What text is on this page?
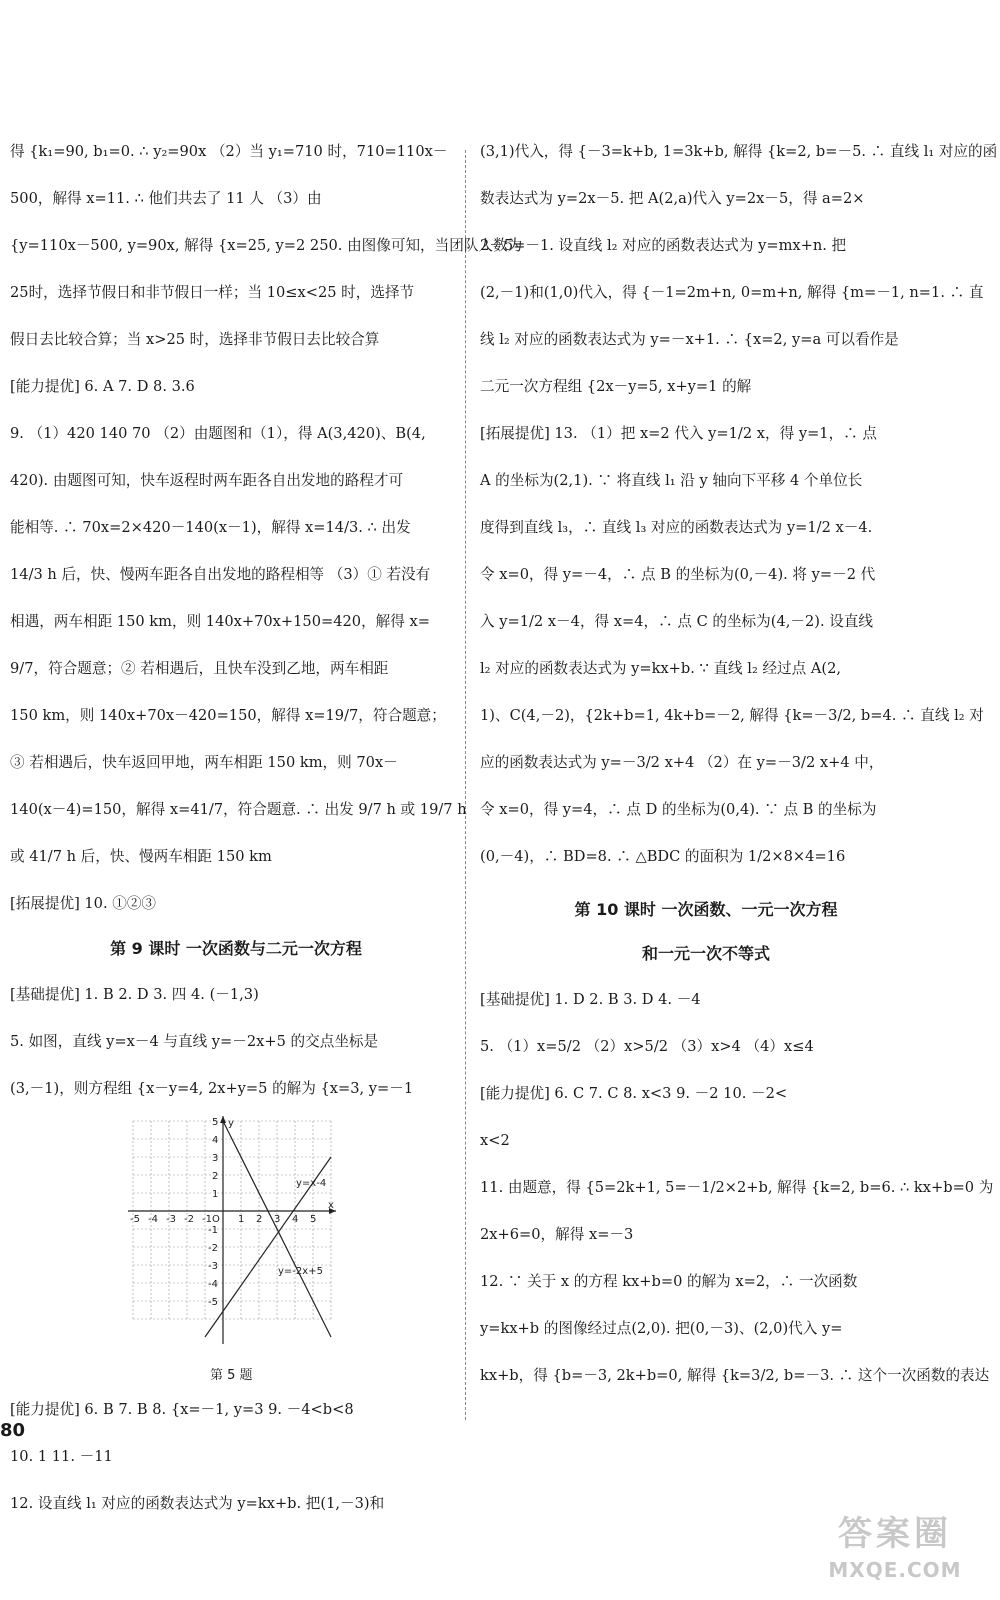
得 {k₁=90, b₁=0. ∴ y₂=90x （2）当 y₁=710 时，710=110x－
500，解得 x=11. ∴ 他们共去了 11 人 （3）由
{y=110x－500, y=90x, 解得 {x=25, y=2 250. 由图像可知，当团队人数为
25时，选择节假日和非节假日一样；当 10≤x<25 时，选择节
假日去比较合算；当 x>25 时，选择非节假日去比较合算
[能力提优] 6. A 7. D 8. 3.6
9. （1）420 140 70 （2）由题图和（1），得 A(3,420)、B(4,
420). 由题图可知，快车返程时两车距各自出发地的路程才可
能相等. ∴ 70x=2×420－140(x－1)，解得 x=14/3. ∴ 出发
14/3 h 后，快、慢两车距各自出发地的路程相等 （3）① 若没有
相遇，两车相距 150 km，则 140x+70x+150=420，解得 x=
9/7，符合题意；② 若相遇后，且快车没到乙地，两车相距
150 km，则 140x+70x－420=150，解得 x=19/7，符合题意；
③ 若相遇后，快车返回甲地，两车相距 150 km，则 70x－
140(x－4)=150，解得 x=41/7，符合题意. ∴ 出发 9/7 h 或 19/7 h
或 41/7 h 后，快、慢两车相距 150 km
[拓展提优] 10. ①②③
第 9 课时 一次函数与二元一次方程
[基础提优] 1. B 2. D 3. 四 4. (－1,3)
5. 如图，直线 y=x－4 与直线 y=－2x+5 的交点坐标是
(3,－1)，则方程组 {x－y=4, 2x+y=5 的解为 {x=3, y=－1
x
y
O
-5 -4 -3 -2 -1	1 2 3 4 5
5
4
3
2
1
-1
-2
-3
-4
-5
y=x-4
y=-2x+5
第 5 题
[能力提优] 6. B 7. B 8. {x=－1, y=3 9. －4<b<8
10. 1 11. －11
12. 设直线 l₁ 对应的函数表达式为 y=kx+b. 把(1,－3)和
(3,1)代入，得 {－3=k+b, 1=3k+b, 解得 {k=2, b=－5. ∴ 直线 l₁ 对应的函
数表达式为 y=2x－5. 把 A(2,a)代入 y=2x－5，得 a=2×
2－5=－1. 设直线 l₂ 对应的函数表达式为 y=mx+n. 把
(2,－1)和(1,0)代入，得 {－1=2m+n, 0=m+n, 解得 {m=－1, n=1. ∴ 直
线 l₂ 对应的函数表达式为 y=－x+1. ∴ {x=2, y=a 可以看作是
二元一次方程组 {2x－y=5, x+y=1 的解
[拓展提优] 13. （1）把 x=2 代入 y=1/2 x，得 y=1，∴ 点
A 的坐标为(2,1). ∵ 将直线 l₁ 沿 y 轴向下平移 4 个单位长
度得到直线 l₃，∴ 直线 l₃ 对应的函数表达式为 y=1/2 x－4.
令 x=0，得 y=－4，∴ 点 B 的坐标为(0,－4). 将 y=－2 代
入 y=1/2 x－4，得 x=4，∴ 点 C 的坐标为(4,－2). 设直线
l₂ 对应的函数表达式为 y=kx+b. ∵ 直线 l₂ 经过点 A(2,
1)、C(4,－2)，{2k+b=1, 4k+b=－2, 解得 {k=－3/2, b=4. ∴ 直线 l₂ 对
应的函数表达式为 y=－3/2 x+4 （2）在 y=－3/2 x+4 中，
令 x=0，得 y=4，∴ 点 D 的坐标为(0,4). ∵ 点 B 的坐标为
(0,－4)，∴ BD=8. ∴ △BDC 的面积为 1/2×8×4=16
第 10 课时 一次函数、一元一次方程
和一元一次不等式
[基础提优] 1. D 2. B 3. D 4. －4
5. （1）x=5/2 （2）x>5/2 （3）x>4 （4）x≤4
[能力提优] 6. C 7. C 8. x<3 9. －2 10. －2<
x<2
11. 由题意，得 {5=2k+1, 5=－1/2×2+b, 解得 {k=2, b=6. ∴ kx+b=0 为
2x+6=0，解得 x=－3
12. ∵ 关于 x 的方程 kx+b=0 的解为 x=2，∴ 一次函数
y=kx+b 的图像经过点(2,0). 把(0,－3)、(2,0)代入 y=
kx+b，得 {b=－3, 2k+b=0, 解得 {k=3/2, b=－3. ∴ 这个一次函数的表达
80
答案圈
MXQE.COM
